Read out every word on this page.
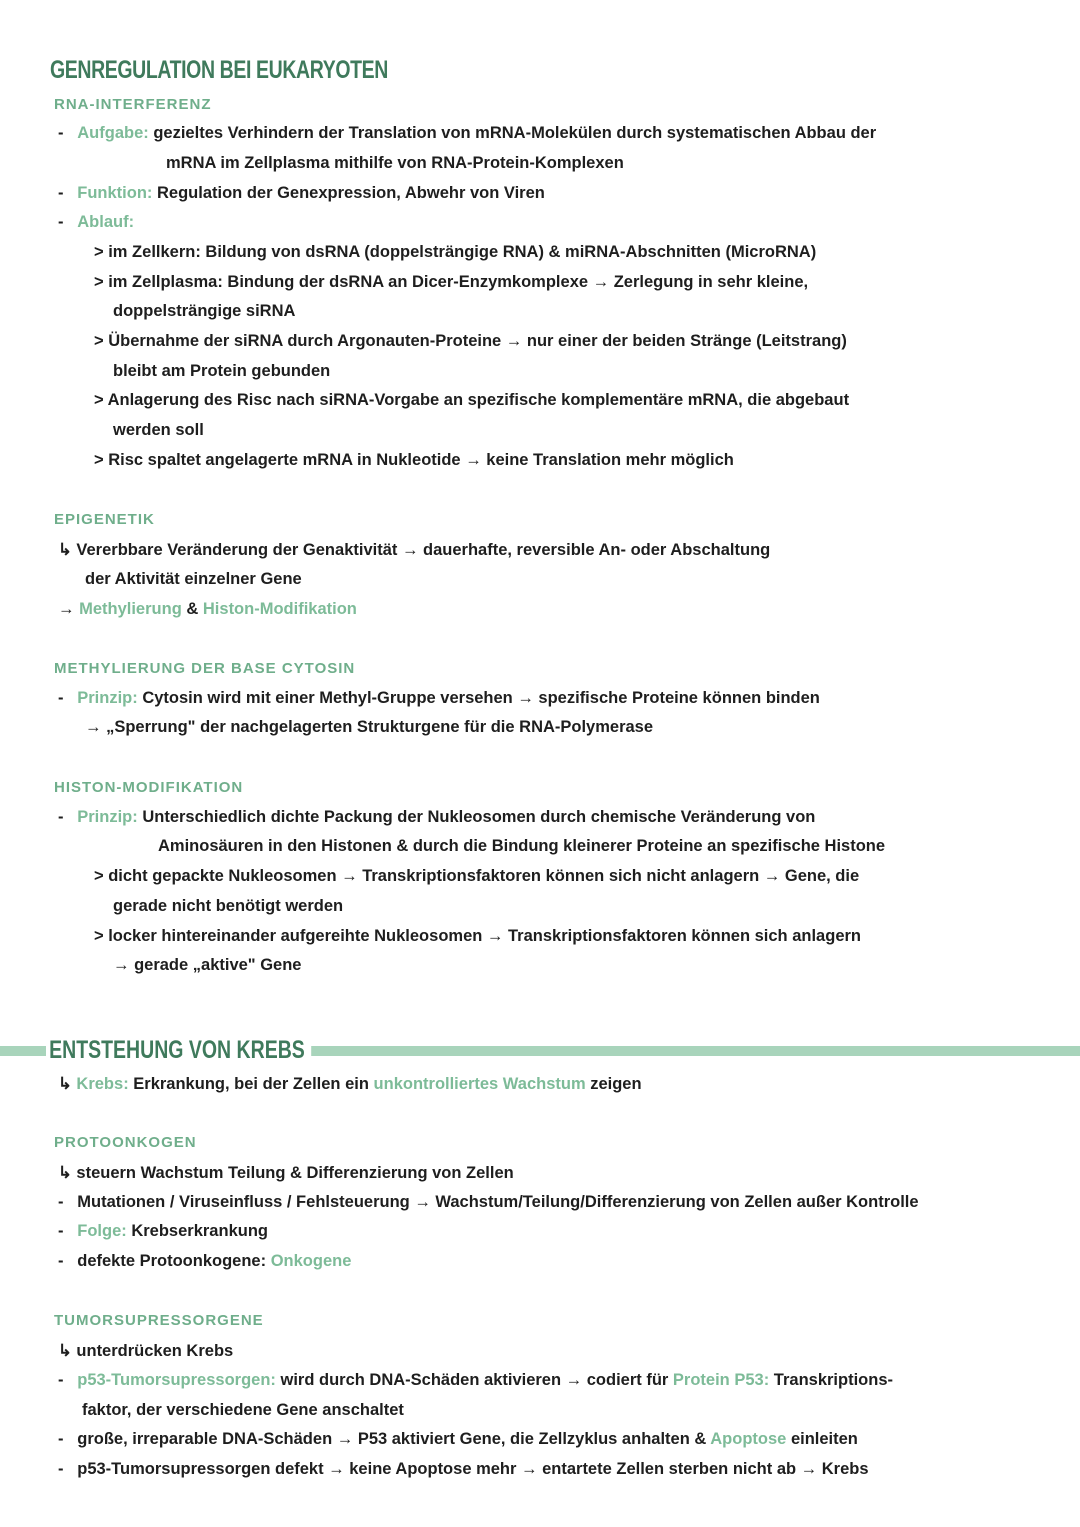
GENREGULATION BEI EUKARYOTEN
RNA-INTERFERENZ
-   Aufgabe: gezieltes Verhindern der Translation von mRNA-Molekülen durch systematischen Abbau der
mRNA im Zellplasma mithilfe von RNA-Protein-Komplexen
-   Funktion: Regulation der Genexpression, Abwehr von Viren
-   Ablauf:
> im Zellkern: Bildung von dsRNA (doppelsträngige RNA) & miRNA-Abschnitten (MicroRNA)
> im Zellplasma: Bindung der dsRNA an Dicer-Enzymkomplexe → Zerlegung in sehr kleine,
doppelsträngige siRNA
> Übernahme der siRNA durch Argonauten-Proteine → nur einer der beiden Stränge (Leitstrang)
bleibt am Protein gebunden
> Anlagerung des Risc nach siRNA-Vorgabe an spezifische komplementäre mRNA, die abgebaut
werden soll
> Risc spaltet angelagerte mRNA in Nukleotide → keine Translation mehr möglich
EPIGENETIK
↳ Vererbbare Veränderung der Genaktivität → dauerhafte, reversible An- oder Abschaltung
der Aktivität einzelner Gene
→ Methylierung & Histon-Modifikation
METHYLIERUNG DER BASE CYTOSIN
-   Prinzip: Cytosin wird mit einer Methyl-Gruppe versehen → spezifische Proteine können binden
→ „Sperrung" der nachgelagerten Strukturgene für die RNA-Polymerase
HISTON-MODIFIKATION
-   Prinzip: Unterschiedlich dichte Packung der Nukleosomen durch chemische Veränderung von
Aminosäuren in den Histonen & durch die Bindung kleinerer Proteine an spezifische Histone
> dicht gepackte Nukleosomen → Transkriptionsfaktoren können sich nicht anlagern → Gene, die
gerade nicht benötigt werden
> locker hintereinander aufgereihte Nukleosomen → Transkriptionsfaktoren können sich anlagern
→ gerade „aktive" Gene
ENTSTEHUNG VON KREBS
↳ Krebs: Erkrankung, bei der Zellen ein unkontrolliertes Wachstum zeigen
PROTOONKOGEN
↳ steuern Wachstum Teilung & Differenzierung von Zellen
-   Mutationen / Viruseinfluss / Fehlsteuerung → Wachstum/Teilung/Differenzierung von Zellen außer Kontrolle
-   Folge: Krebserkrankung
-   defekte Protoonkogene: Onkogene
TUMORSUPRESSORGENE
↳ unterdrücken Krebs
-   p53-Tumorsupressorgen: wird durch DNA-Schäden aktivieren → codiert für Protein P53: Transkriptions-
faktor, der verschiedene Gene anschaltet
-   große, irreparable DNA-Schäden → P53 aktiviert Gene, die Zellzyklus anhalten & Apoptose einleiten
-   p53-Tumorsupressorgen defekt → keine Apoptose mehr → entartete Zellen sterben nicht ab → Krebs
